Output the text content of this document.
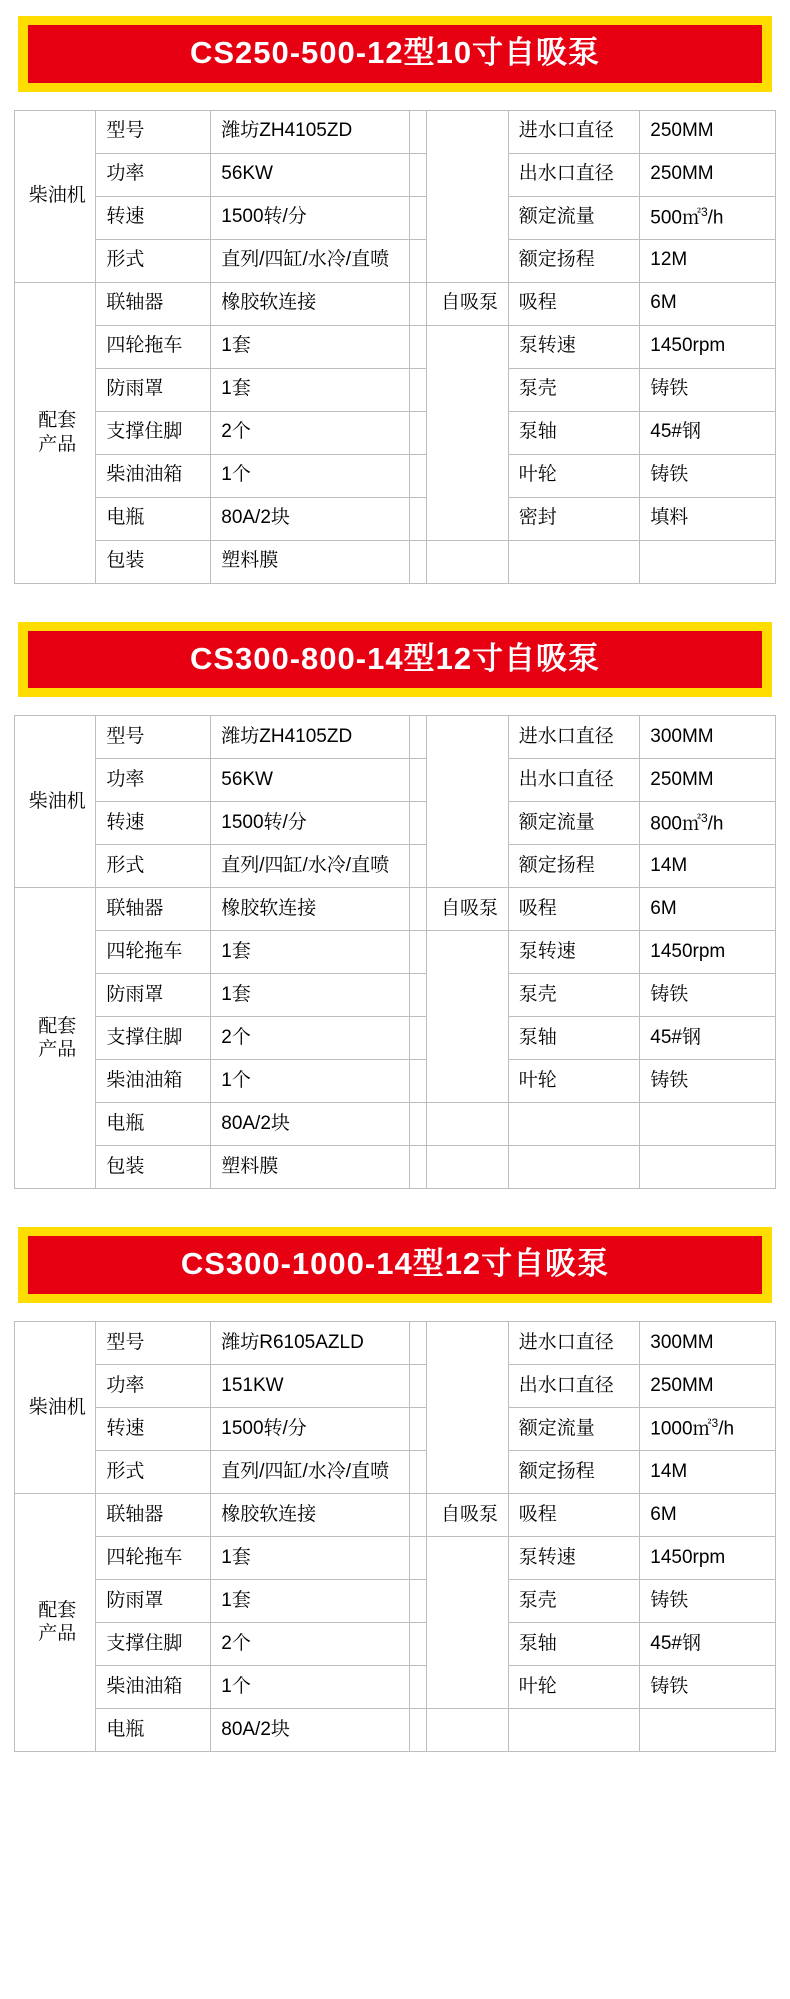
CS250-500-12型10寸自吸泵
柴油机	型号	潍坊ZH4105ZD			进水口直径	250MM
	功率	56KW			出水口直径	250MM
	转速	1500转/分			额定流量	500㎡$^3$/h
	形式	直列/四缸/水冷/直喷			额定扬程	12M

配套
产品	联轴器	橡胶软连接		自吸泵	吸程	6M
	四轮拖车	1套			泵转速	1450rpm
	防雨罩	1套			泵壳	铸铁
	支撑住脚	2个			泵轴	45#钢
	柴油油箱	1个			叶轮	铸铁
	电瓶	80A/2块			密封	填料
	包装	塑料膜				
CS300-800-14型12寸自吸泵
柴油机	型号	潍坊ZH4105ZD			进水口直径	300MM
	功率	56KW			出水口直径	250MM
	转速	1500转/分			额定流量	800㎡$^3$/h
	形式	直列/四缸/水冷/直喷			额定扬程	14M

配套
产品	联轴器	橡胶软连接		自吸泵	吸程	6M
	四轮拖车	1套			泵转速	1450rpm
	防雨罩	1套			泵壳	铸铁
	支撑住脚	2个			泵轴	45#钢
	柴油油箱	1个			叶轮	铸铁
	电瓶	80A/2块				
	包装	塑料膜				
CS300-1000-14型12寸自吸泵
柴油机	型号	潍坊R6105AZLD			进水口直径	300MM
	功率	151KW			出水口直径	250MM
	转速	1500转/分			额定流量	1000㎡$^3$/h
	形式	直列/四缸/水冷/直喷			额定扬程	14M

配套
产品	联轴器	橡胶软连接		自吸泵	吸程	6M
	四轮拖车	1套			泵转速	1450rpm
	防雨罩	1套			泵壳	铸铁
	支撑住脚	2个			泵轴	45#钢
	柴油油箱	1个			叶轮	铸铁
	电瓶	80A/2块				
